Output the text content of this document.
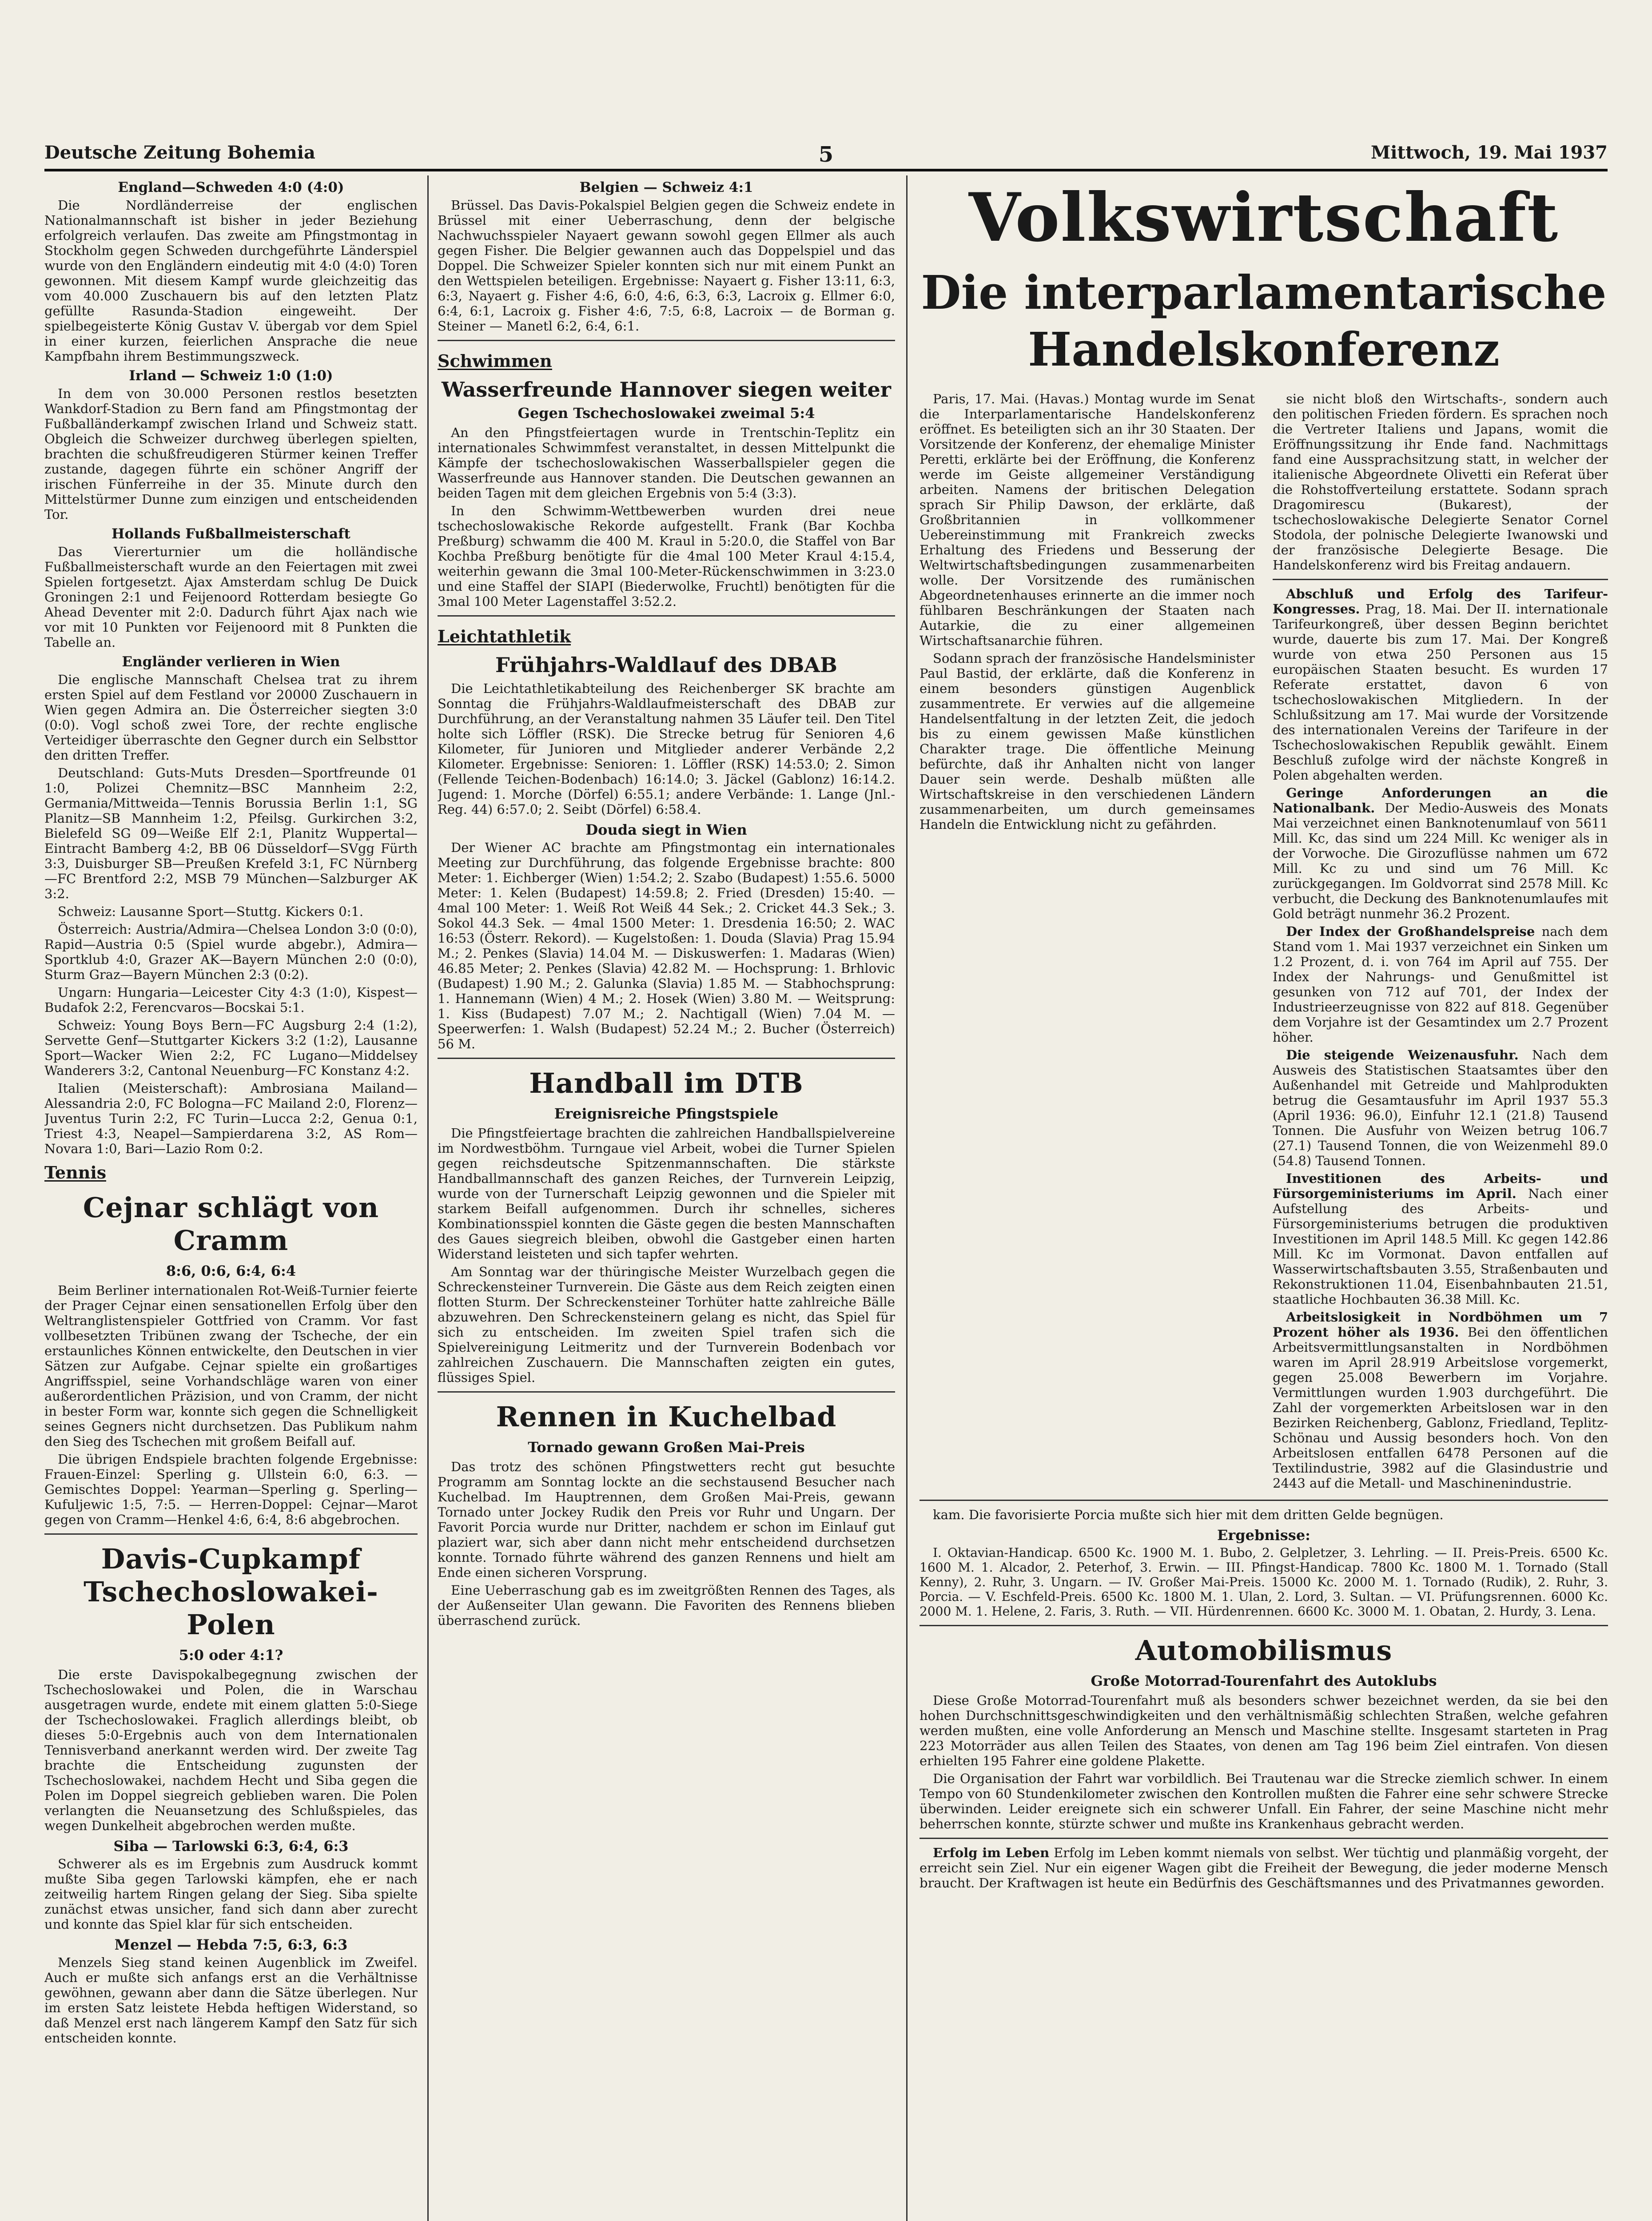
Deutsche Zeitung Bohemia	5	Mittwoch, 19. Mai 1937
England—Schweden 4:0 (4:0)

Die Nordländerreise der englischen Nationalmannschaft ist bisher in jeder Beziehung erfolgreich verlaufen. Das zweite am Pfingstmontag in Stockholm gegen Schweden durchgeführte Länderspiel wurde von den Engländern eindeutig mit 4:0 (4:0) Toren gewonnen. Mit diesem Kampf wurde gleichzeitig das vom 40.000 Zuschauern bis auf den letzten Platz gefüllte Rasunda-Stadion eingeweiht. Der spielbegeisterte König Gustav V. übergab vor dem Spiel in einer kurzen, feierlichen Ansprache die neue Kampfbahn ihrem Bestimmungszweck.

Irland — Schweiz 1:0 (1:0)

In dem von 30.000 Personen restlos besetzten Wankdorf-Stadion zu Bern fand am Pfingstmontag der Fußballänderkampf zwischen Irland und Schweiz statt. Obgleich die Schweizer durchweg überlegen spielten, brachten die schußfreudigeren Stürmer keinen Treffer zustande, dagegen führte ein schöner Angriff der irischen Fünferreihe in der 35. Minute durch den Mittelstürmer Dunne zum einzigen und entscheidenden Tor.

Hollands Fußballmeisterschaft

Das Viererturnier um die holländische Fußballmeisterschaft wurde an den Feiertagen mit zwei Spielen fortgesetzt. Ajax Amsterdam schlug De Duick Groningen 2:1 und Feijenoord Rotterdam besiegte Go Ahead Deventer mit 2:0. Dadurch führt Ajax nach wie vor mit 10 Punkten vor Feijenoord mit 8 Punkten die Tabelle an.

Engländer verlieren in Wien

Die englische Mannschaft Chelsea trat zu ihrem ersten Spiel auf dem Festland vor 20000 Zuschauern in Wien gegen Admira an. Die Österreicher siegten 3:0 (0:0). Vogl schoß zwei Tore, der rechte englische Verteidiger überraschte den Gegner durch ein Selbsttor den dritten Treffer.

Deutschland: Guts-Muts Dresden—Sportfreunde 01 1:0, Polizei Chemnitz—BSC Mannheim 2:2, Germania/Mittweida—Tennis Borussia Berlin 1:1, SG Planitz—SB Mannheim 1:2, Pfeilsg. Gurkirchen 3:2, Bielefeld SG 09—Weiße Elf 2:1, Planitz Wuppertal—Eintracht Bamberg 4:2, BB 06 Düsseldorf—SVgg Fürth 3:3, Duisburger SB—Preußen Krefeld 3:1, FC Nürnberg—FC Brentford 2:2, MSB 79 München—Salzburger AK 3:2.

Schweiz: Lausanne Sport—Stuttg. Kickers 0:1.

Österreich: Austria/Admira—Chelsea London 3:0 (0:0), Rapid—Austria 0:5 (Spiel wurde abgebr.), Admira—Sportklub 4:0, Grazer AK—Bayern München 2:0 (0:0), Sturm Graz—Bayern München 2:3 (0:2).

Ungarn: Hungaria—Leicester City 4:3 (1:0), Kispest—Budafok 2:2, Ferencvaros—Bocskai 5:1.

Schweiz: Young Boys Bern—FC Augsburg 2:4 (1:2), Servette Genf—Stuttgarter Kickers 3:2 (1:2), Lausanne Sport—Wacker Wien 2:2, FC Lugano—Middelsey Wanderers 3:2, Cantonal Neuenburg—FC Konstanz 4:2.

Italien (Meisterschaft): Ambrosiana Mailand—Alessandria 2:0, FC Bologna—FC Mailand 2:0, Florenz—Juventus Turin 2:2, FC Turin—Lucca 2:2, Genua 0:1, Triest 4:3, Neapel—Sampierdarena 3:2, AS Rom—Novara 1:0, Bari—Lazio Rom 0:2.

Tennis
Cejnar schlägt von Cramm
8:6, 0:6, 6:4, 6:4

Beim Berliner internationalen Rot-Weiß-Turnier feierte der Prager Cejnar einen sensationellen Erfolg über den Weltranglistenspieler Gottfried von Cramm. Vor fast vollbesetzten Tribünen zwang der Tscheche, der ein erstaunliches Können entwickelte, den Deutschen in vier Sätzen zur Aufgabe. Cejnar spielte ein großartiges Angriffsspiel, seine Vorhandschläge waren von einer außerordentlichen Präzision, und von Cramm, der nicht in bester Form war, konnte sich gegen die Schnelligkeit seines Gegners nicht durchsetzen. Das Publikum nahm den Sieg des Tschechen mit großem Beifall auf.

Die übrigen Endspiele brachten folgende Ergebnisse: Frauen-Einzel: Sperling g. Ullstein 6:0, 6:3. — Gemischtes Doppel: Yearman—Sperling g. Sperling—Kufuljewic 1:5, 7:5. — Herren-Doppel: Cejnar—Marot gegen von Cramm—Henkel 4:6, 6:4, 8:6 abgebrochen.

Davis-Cupkampf Tschechoslowakei-Polen
5:0 oder 4:1?

Die erste Davispokalbegegnung zwischen der Tschechoslowakei und Polen, die in Warschau ausgetragen wurde, endete mit einem glatten 5:0-Siege der Tschechoslowakei. Fraglich allerdings bleibt, ob dieses 5:0-Ergebnis auch von dem Internationalen Tennisverband anerkannt werden wird. Der zweite Tag brachte die Entscheidung zugunsten der Tschechoslowakei, nachdem Hecht und Siba gegen die Polen im Doppel siegreich geblieben waren. Die Polen verlangten die Neuansetzung des Schlußspieles, das wegen Dunkelheit abgebrochen werden mußte.

Siba — Tarlowski 6:3, 6:4, 6:3

Schwerer als es im Ergebnis zum Ausdruck kommt mußte Siba gegen Tarlowski kämpfen, ehe er nach zeitweilig hartem Ringen gelang der Sieg. Siba spielte zunächst etwas unsicher, fand sich dann aber zurecht und konnte das Spiel klar für sich entscheiden.

Menzel — Hebda 7:5, 6:3, 6:3

Menzels Sieg stand keinen Augenblick im Zweifel. Auch er mußte sich anfangs erst an die Verhältnisse gewöhnen, gewann aber dann die Sätze überlegen. Nur im ersten Satz leistete Hebda heftigen Widerstand, so daß Menzel erst nach längerem Kampf den Satz für sich entscheiden konnte.

Belgien — Schweiz 4:1

Brüssel. Das Davis-Pokalspiel Belgien gegen die Schweiz endete in Brüssel mit einer Ueberraschung, denn der belgische Nachwuchsspieler Nayaert gewann sowohl gegen Ellmer als auch gegen Fisher. Die Belgier gewannen auch das Doppelspiel und das Doppel. Die Schweizer Spieler konnten sich nur mit einem Punkt an den Wettspielen beteiligen. Ergebnisse: Nayaert g. Fisher 13:11, 6:3, 6:3, Nayaert g. Fisher 4:6, 6:0, 4:6, 6:3, 6:3, Lacroix g. Ellmer 6:0, 6:4, 6:1, Lacroix g. Fisher 4:6, 7:5, 6:8, Lacroix — de Borman g. Steiner — Manetl 6:2, 6:4, 6:1.

Schwimmen
Wasserfreunde Hannover siegen weiter
Gegen Tschechoslowakei zweimal 5:4

An den Pfingstfeiertagen wurde in Trentschin-Teplitz ein internationales Schwimmfest veranstaltet, in dessen Mittelpunkt die Kämpfe der tschechoslowakischen Wasserballspieler gegen die Wasserfreunde aus Hannover standen. Die Deutschen gewannen an beiden Tagen mit dem gleichen Ergebnis von 5:4 (3:3).

In den Schwimm-Wettbewerben wurden drei neue tschechoslowakische Rekorde aufgestellt. Frank (Bar Kochba Preßburg) schwamm die 400 M. Kraul in 5:20.0, die Staffel von Bar Kochba Preßburg benötigte für die 4mal 100 Meter Kraul 4:15.4, weiterhin gewann die 3mal 100-Meter-Rückenschwimmen in 3:23.0 und eine Staffel der SIAPI (Biederwolke, Fruchtl) benötigten für die 3mal 100 Meter Lagenstaffel 3:52.2.

Leichtathletik
Frühjahrs-Waldlauf des DBAB

Die Leichtathletikabteilung des Reichenberger SK brachte am Sonntag die Frühjahrs-Waldlaufmeisterschaft des DBAB zur Durchführung, an der Veranstaltung nahmen 35 Läufer teil. Den Titel holte sich Löffler (RSK). Die Strecke betrug für Senioren 4,6 Kilometer, für Junioren und Mitglieder anderer Verbände 2,2 Kilometer. Ergebnisse: Senioren: 1. Löffler (RSK) 14:53.0; 2. Simon (Fellende Teichen-Bodenbach) 16:14.0; 3. Jäckel (Gablonz) 16:14.2. Jugend: 1. Morche (Dörfel) 6:55.1; andere Verbände: 1. Lange (Jnl.-Reg. 44) 6:57.0; 2. Seibt (Dörfel) 6:58.4.

Douda siegt in Wien

Der Wiener AC brachte am Pfingstmontag ein internationales Meeting zur Durchführung, das folgende Ergebnisse brachte: 800 Meter: 1. Eichberger (Wien) 1:54.2; 2. Szabo (Budapest) 1:55.6. 5000 Meter: 1. Kelen (Budapest) 14:59.8; 2. Fried (Dresden) 15:40. — 4mal 100 Meter: 1. Weiß Rot Weiß 44 Sek.; 2. Cricket 44.3 Sek.; 3. Sokol 44.3 Sek. — 4mal 1500 Meter: 1. Dresdenia 16:50; 2. WAC 16:53 (Österr. Rekord). — Kugelstoßen: 1. Douda (Slavia) Prag 15.94 M.; 2. Penkes (Slavia) 14.04 M. — Diskuswerfen: 1. Madaras (Wien) 46.85 Meter; 2. Penkes (Slavia) 42.82 M. — Hochsprung: 1. Brhlovic (Budapest) 1.90 M.; 2. Galunka (Slavia) 1.85 M. — Stabhochsprung: 1. Hannemann (Wien) 4 M.; 2. Hosek (Wien) 3.80 M. — Weitsprung: 1. Kiss (Budapest) 7.07 M.; 2. Nachtigall (Wien) 7.04 M. — Speerwerfen: 1. Walsh (Budapest) 52.24 M.; 2. Bucher (Österreich) 56 M.

Handball im DTB
Ereignisreiche Pfingstspiele

Die Pfingstfeiertage brachten die zahlreichen Handballspielvereine im Nordwestböhm. Turngaue viel Arbeit, wobei die Turner Spielen gegen reichsdeutsche Spitzenmannschaften. Die stärkste Handballmannschaft des ganzen Reiches, der Turnverein Leipzig, wurde von der Turnerschaft Leipzig gewonnen und die Spieler mit starkem Beifall aufgenommen. Durch ihr schnelles, sicheres Kombinationsspiel konnten die Gäste gegen die besten Mannschaften des Gaues siegreich bleiben, obwohl die Gastgeber einen harten Widerstand leisteten und sich tapfer wehrten.

Am Sonntag war der thüringische Meister Wurzelbach gegen die Schreckensteiner Turnverein. Die Gäste aus dem Reich zeigten einen flotten Sturm. Der Schreckensteiner Torhüter hatte zahlreiche Bälle abzuwehren. Den Schreckensteinern gelang es nicht, das Spiel für sich zu entscheiden. Im zweiten Spiel trafen sich die Spielvereinigung Leitmeritz und der Turnverein Bodenbach vor zahlreichen Zuschauern. Die Mannschaften zeigten ein gutes, flüssiges Spiel.

Rennen in Kuchelbad
Tornado gewann Großen Mai-Preis

Das trotz des schönen Pfingstwetters recht gut besuchte Programm am Sonntag lockte an die sechstausend Besucher nach Kuchelbad. Im Hauptrennen, dem Großen Mai-Preis, gewann Tornado unter Jockey Rudik den Preis vor Ruhr und Ungarn. Der Favorit Porcia wurde nur Dritter, nachdem er schon im Einlauf gut plaziert war, sich aber dann nicht mehr entscheidend durchsetzen konnte. Tornado führte während des ganzen Rennens und hielt am Ende einen sicheren Vorsprung.

Eine Ueberraschung gab es im zweitgrößten Rennen des Tages, als der Außenseiter Ulan gewann. Die Favoriten des Rennens blieben überraschend zurück.

Volkswirtschaft
Die interparlamentarische Handelskonferenz

Paris, 17. Mai. (Havas.) Montag wurde im Senat die Interparlamentarische Handelskonferenz eröffnet. Es beteiligten sich an ihr 30 Staaten. Der Vorsitzende der Konferenz, der ehemalige Minister Peretti, erklärte bei der Eröffnung, die Konferenz werde im Geiste allgemeiner Verständigung arbeiten. Namens der britischen Delegation sprach Sir Philip Dawson, der erklärte, daß Großbritannien in vollkommener Uebereinstimmung mit Frankreich zwecks Erhaltung des Friedens und Besserung der Weltwirtschaftsbedingungen zusammenarbeiten wolle. Der Vorsitzende des rumänischen Abgeordnetenhauses erinnerte an die immer noch fühlbaren Beschränkungen der Staaten nach Autarkie, die zu einer allgemeinen Wirtschaftsanarchie führen.

Sodann sprach der französische Handelsminister Paul Bastid, der erklärte, daß die Konferenz in einem besonders günstigen Augenblick zusammentrete. Er verwies auf die allgemeine Handelsentfaltung in der letzten Zeit, die jedoch bis zu einem gewissen Maße künstlichen Charakter trage. Die öffentliche Meinung befürchte, daß ihr Anhalten nicht von langer Dauer sein werde. Deshalb müßten alle Wirtschaftskreise in den verschiedenen Ländern zusammenarbeiten, um durch gemeinsames Handeln die Entwicklung nicht zu gefährden.

sie nicht bloß den Wirtschafts-, sondern auch den politischen Frieden fördern. Es sprachen noch die Vertreter Italiens und Japans, womit die Eröffnungssitzung ihr Ende fand. Nachmittags fand eine Aussprachsitzung statt, in welcher der italienische Abgeordnete Olivetti ein Referat über die Rohstoffverteilung erstattete. Sodann sprach Dragomirescu (Bukarest), der tschechoslowakische Delegierte Senator Cornel Stodola, der polnische Delegierte Iwanowski und der französische Delegierte Besage. Die Handelskonferenz wird bis Freitag andauern.

Abschluß und Erfolg des Tarifeur-Kongresses. Prag, 18. Mai. Der II. internationale Tarifeurkongreß, über dessen Beginn berichtet wurde, dauerte bis zum 17. Mai. Der Kongreß wurde von etwa 250 Personen aus 15 europäischen Staaten besucht. Es wurden 17 Referate erstattet, davon 6 von tschechoslowakischen Mitgliedern. In der Schlußsitzung am 17. Mai wurde der Vorsitzende des internationalen Vereins der Tarifeure in der Tschechoslowakischen Republik gewählt. Einem Beschluß zufolge wird der nächste Kongreß in Polen abgehalten werden.

Geringe Anforderungen an die Nationalbank. Der Medio-Ausweis des Monats Mai verzeichnet einen Banknotenumlauf von 5611 Mill. Kc, das sind um 224 Mill. Kc weniger als in der Vorwoche. Die Girozuflüsse nahmen um 672 Mill. Kc zu und sind um 76 Mill. Kc zurückgegangen. Im Goldvorrat sind 2578 Mill. Kc verbucht, die Deckung des Banknotenumlaufes mit Gold beträgt nunmehr 36.2 Prozent.

Der Index der Großhandelspreise nach dem Stand vom 1. Mai 1937 verzeichnet ein Sinken um 1.2 Prozent, d. i. von 764 im April auf 755. Der Index der Nahrungs- und Genußmittel ist gesunken von 712 auf 701, der Index der Industrieerzeugnisse von 822 auf 818. Gegenüber dem Vorjahre ist der Gesamtindex um 2.7 Prozent höher.

Die steigende Weizenausfuhr. Nach dem Ausweis des Statistischen Staatsamtes über den Außenhandel mit Getreide und Mahlprodukten betrug die Gesamtausfuhr im April 1937 55.3 (April 1936: 96.0), Einfuhr 12.1 (21.8) Tausend Tonnen. Die Ausfuhr von Weizen betrug 106.7 (27.1) Tausend Tonnen, die von Weizenmehl 89.0 (54.8) Tausend Tonnen.

Investitionen des Arbeits- und Fürsorgeministeriums im April. Nach einer Aufstellung des Arbeits- und Fürsorgeministeriums betrugen die produktiven Investitionen im April 148.5 Mill. Kc gegen 142.86 Mill. Kc im Vormonat. Davon entfallen auf Wasserwirtschaftsbauten 3.55, Straßenbauten und Rekonstruktionen 11.04, Eisenbahnbauten 21.51, staatliche Hochbauten 36.38 Mill. Kc.

Arbeitslosigkeit in Nordböhmen um 7 Prozent höher als 1936. Bei den öffentlichen Arbeitsvermittlungsanstalten in Nordböhmen waren im April 28.919 Arbeitslose vorgemerkt, gegen 25.008 Bewerbern im Vorjahre. Vermittlungen wurden 1.903 durchgeführt. Die Zahl der vorgemerkten Arbeitslosen war in den Bezirken Reichenberg, Gablonz, Friedland, Teplitz-Schönau und Aussig besonders hoch. Von den Arbeitslosen entfallen 6478 Personen auf die Textilindustrie, 3982 auf die Glasindustrie und 2443 auf die Metall- und Maschinenindustrie.

kam. Die favorisierte Porcia mußte sich hier mit dem dritten Gelde begnügen.

Ergebnisse:

I. Oktavian-Handicap. 6500 Kc. 1900 M. 1. Bubo, 2. Gelpletzer, 3. Lehrling. — II. Preis-Preis. 6500 Kc. 1600 M. 1. Alcador, 2. Peterhof, 3. Erwin. — III. Pfingst-Handicap. 7800 Kc. 1800 M. 1. Tornado (Stall Kenny), 2. Ruhr, 3. Ungarn. — IV. Großer Mai-Preis. 15000 Kc. 2000 M. 1. Tornado (Rudik), 2. Ruhr, 3. Porcia. — V. Eschfeld-Preis. 6500 Kc. 1800 M. 1. Ulan, 2. Lord, 3. Sultan. — VI. Prüfungsrennen. 6000 Kc. 2000 M. 1. Helene, 2. Faris, 3. Ruth. — VII. Hürdenrennen. 6600 Kc. 3000 M. 1. Obatan, 2. Hurdy, 3. Lena.

Automobilismus
Große Motorrad-Tourenfahrt des Autoklubs

Diese Große Motorrad-Tourenfahrt muß als besonders schwer bezeichnet werden, da sie bei den hohen Durchschnittsgeschwindigkeiten und den verhältnismäßig schlechten Straßen, welche gefahren werden mußten, eine volle Anforderung an Mensch und Maschine stellte. Insgesamt starteten in Prag 223 Motorräder aus allen Teilen des Staates, von denen am Tag 196 beim Ziel eintrafen. Von diesen erhielten 195 Fahrer eine goldene Plakette.

Die Organisation der Fahrt war vorbildlich. Bei Trautenau war die Strecke ziemlich schwer. In einem Tempo von 60 Stundenkilometer zwischen den Kontrollen mußten die Fahrer eine sehr schwere Strecke überwinden. Leider ereignete sich ein schwerer Unfall. Ein Fahrer, der seine Maschine nicht mehr beherrschen konnte, stürzte schwer und mußte ins Krankenhaus gebracht werden.

Erfolg im Leben Erfolg im Leben kommt niemals von selbst. Wer tüchtig und planmäßig vorgeht, der erreicht sein Ziel. Nur ein eigener Wagen gibt die Freiheit der Bewegung, die jeder moderne Mensch braucht. Der Kraftwagen ist heute ein Bedürfnis des Geschäftsmannes und des Privatmannes geworden.
